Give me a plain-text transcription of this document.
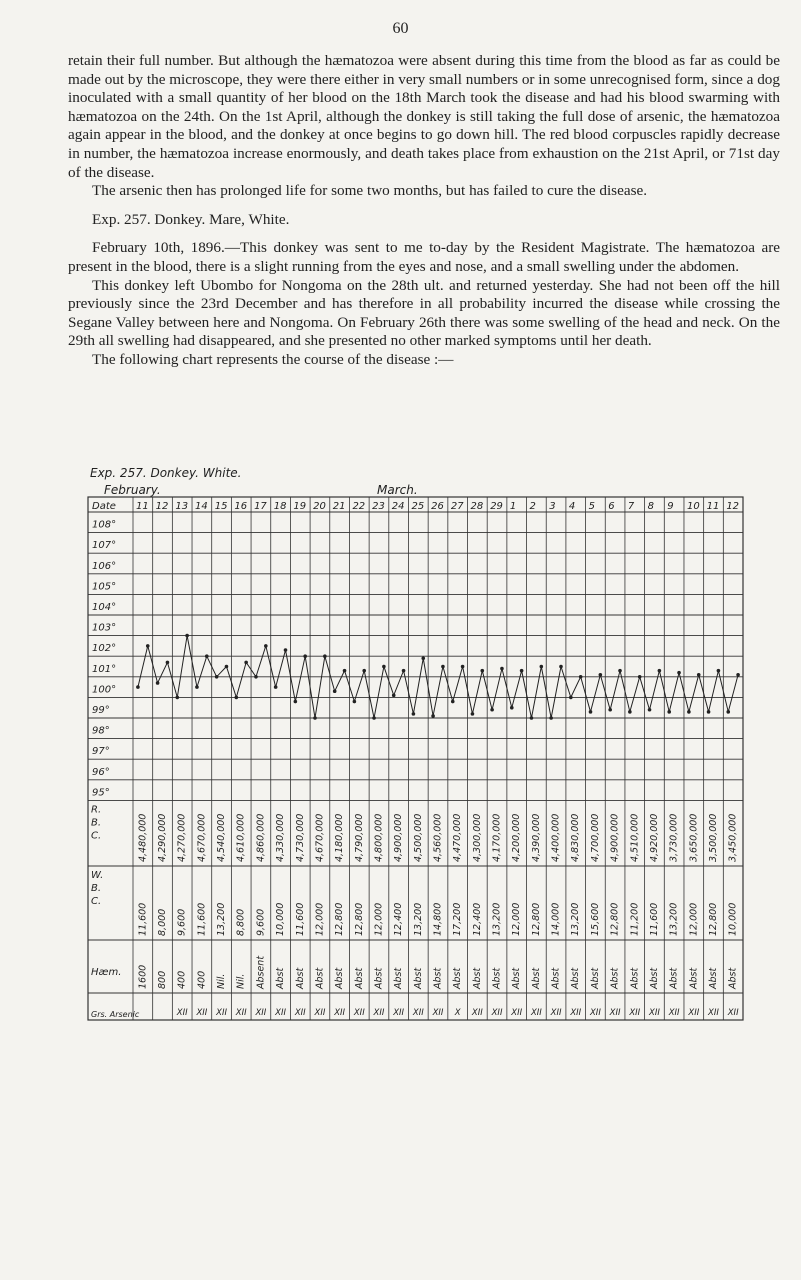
60

retain their full number. But although the hæmatozoa were absent during this time from the blood as far as could be made out by the microscope, they were there either in very small numbers or in some unrecognised form, since a dog inoculated with a small quantity of her blood on the 18th March took the disease and had his blood swarming with hæmatozoa on the 24th. On the 1st April, although the donkey is still taking the full dose of arsenic, the hæmatozoa again appear in the blood, and the donkey at once begins to go down hill. The red blood corpuscles rapidly decrease in number, the hæmatozoa increase enormously, and death takes place from exhaustion on the 21st April, or 71st day of the disease.

The arsenic then has prolonged life for some two months, but has failed to cure the disease.

Exp. 257. Donkey. Mare, White.

February 10th, 1896.—This donkey was sent to me to-day by the Resident Magistrate. The hæmatozoa are present in the blood, there is a slight running from the eyes and nose, and a small swelling under the abdomen.

This donkey left Ubombo for Nongoma on the 28th ult. and returned yesterday. She had not been off the hill previously since the 23rd December and has therefore in all probability incurred the disease while crossing the Segane Valley between here and Nongoma. On February 26th there was some swelling of the head and neck. On the 29th all swelling had disappeared, and she presented no other marked symptoms until her death.

The following chart represents the course of the disease :—

Exp. 257. Donkey. White.
February.	March.
Date 11 12 13 14 15 16 17 18 19 20 21 22 23 24 25 26 27 28 29 1 2 3 4 5 6 7 8 9 10 11 12
108°
107°
106°
105°
104°
103°
102°
101°
100°
99°
98°
97°
96°
95°
R.
B.
C.
W.
B.
C.
Hæm.
Grs. Arsenic
4,480,000 4,290,000 4,270,000 4,670,000 4,540,000 4,610,000 4,860,000 4,330,000 4,730,000 4,670,000 4,180,000 4,790,000 4,800,000 4,900,000 4,500,000 4,560,000 4,470,000 4,300,000 4,170,000 4,200,000 4,390,000 4,400,000 4,830,000 4,700,000 4,900,000 4,510,000 4,920,000 3,730,000 3,650,000 3,500,000 3,450,000
11,600 8,000 9,600 11,600 13,200 8,800 9,600 10,000 11,600 12,000 12,800 12,800 12,000 12,400 13,200 14,800 17,200 12,400 13,200 12,000 12,800 14,000 13,200 15,600 12,800 11,200 11,600 13,200 12,000 12,800 10,000
1600 800 400 400 Nil. Nil. Absent Abst Abst Abst Abst Abst Abst Abst Abst Abst Abst Abst Abst Abst Abst Abst Abst Abst Abst Abst Abst Abst Abst Abst Abst
XII XII XII XII XII XII XII XII XII XII XII XII XII XII X XII XII XII XII XII XII XII XII XII XII XII XII XII XII
